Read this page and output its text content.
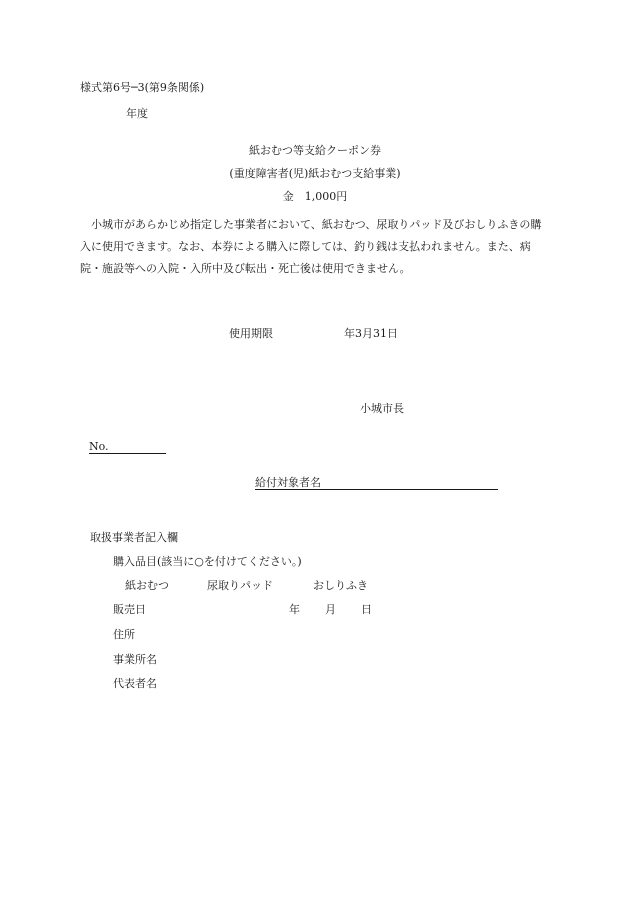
様式第6号─3(第9条関係)
年度
紙おむつ等支給クーポン券
(重度障害者(児)紙おむつ支給事業)
金　1,000円
小城市があらかじめ指定した事業者において、紙おむつ、尿取りパッド及びおしりふきの購入に使用できます。なお、本券による購入に際しては、釣り銭は支払われません。また、病院・施設等への入院・入所中及び転出・死亡後は使用できません。
使用期限	年3月31日
小城市長
No.
給付対象者名
取扱事業者記入欄
購入品目(該当に○を付けてください。)
紙おむつ	尿取りパッド	おしりふき
販売日	年 月 日
住所
事業所名
代表者名
